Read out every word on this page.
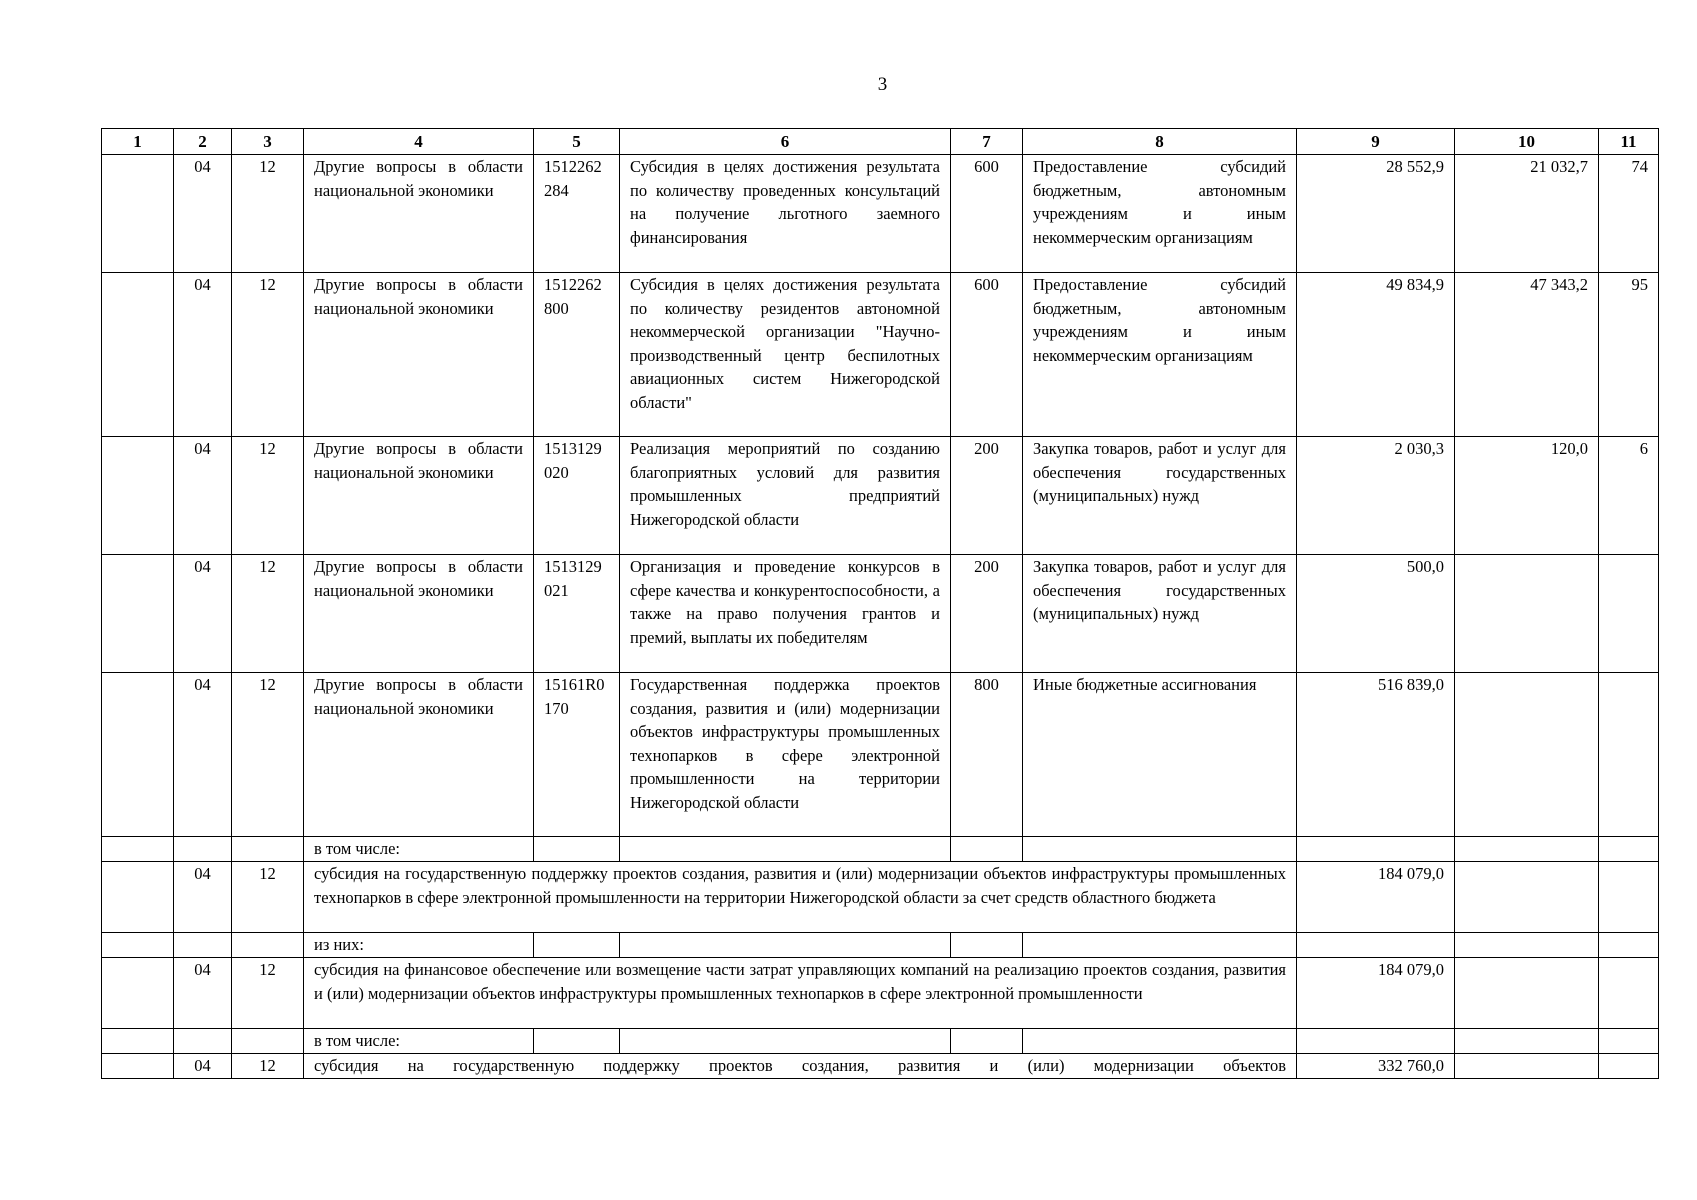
3
1	2	3	4	5	6	7	8	9	10	11
	04	12	Другие вопросы в области национальной экономики	1512262284	Субсидия в целях достижения результата по количеству проведенных консультаций на получение льготного заемного финансирования	600	Предоставление субсидий бюджетным, автономным учреждениям и иным некоммерческим организациям	28 552,9	21 032,7	74
	04	12	Другие вопросы в области национальной экономики	1512262800	Субсидия в целях достижения результата по количеству резидентов автономной некоммерческой организации "Научно-производственный центр беспилотных авиационных систем Нижегородской области"	600	Предоставление субсидий бюджетным, автономным учреждениям и иным некоммерческим организациям	49 834,9	47 343,2	95
	04	12	Другие вопросы в области национальной экономики	1513129020	Реализация мероприятий по созданию благоприятных условий для развития промышленных предприятий Нижегородской области	200	Закупка товаров, работ и услуг для обеспечения государственных (муниципальных) нужд	2 030,3	120,0	6
	04	12	Другие вопросы в области национальной экономики	1513129021	Организация и проведение конкурсов в сфере качества и конкурентоспособности, а также на право получения грантов и премий, выплаты их победителям	200	Закупка товаров, работ и услуг для обеспечения государственных (муниципальных) нужд	500,0		
	04	12	Другие вопросы в области национальной экономики	15161R0170	Государственная поддержка проектов создания, развития и (или) модернизации объектов инфраструктуры промышленных технопарков в сфере электронной промышленности на территории Нижегородской области	800	Иные бюджетные ассигнования	516 839,0		
			в том числе:							
	04	12	субсидия на государственную поддержку проектов создания, развития и (или) модернизации объектов инфраструктуры промышленных технопарков в сфере электронной промышленности на территории Нижегородской области за счет средств областного бюджета					184 079,0		
			из них:							
	04	12	субсидия на финансовое обеспечение или возмещение части затрат управляющих компаний на реализацию проектов создания, развития и (или) модернизации объектов инфраструктуры промышленных технопарков в сфере электронной промышленности					184 079,0		
			в том числе:							
	04	12	субсидия на государственную поддержку проектов создания, развития и (или) модернизации объектов					332 760,0		
